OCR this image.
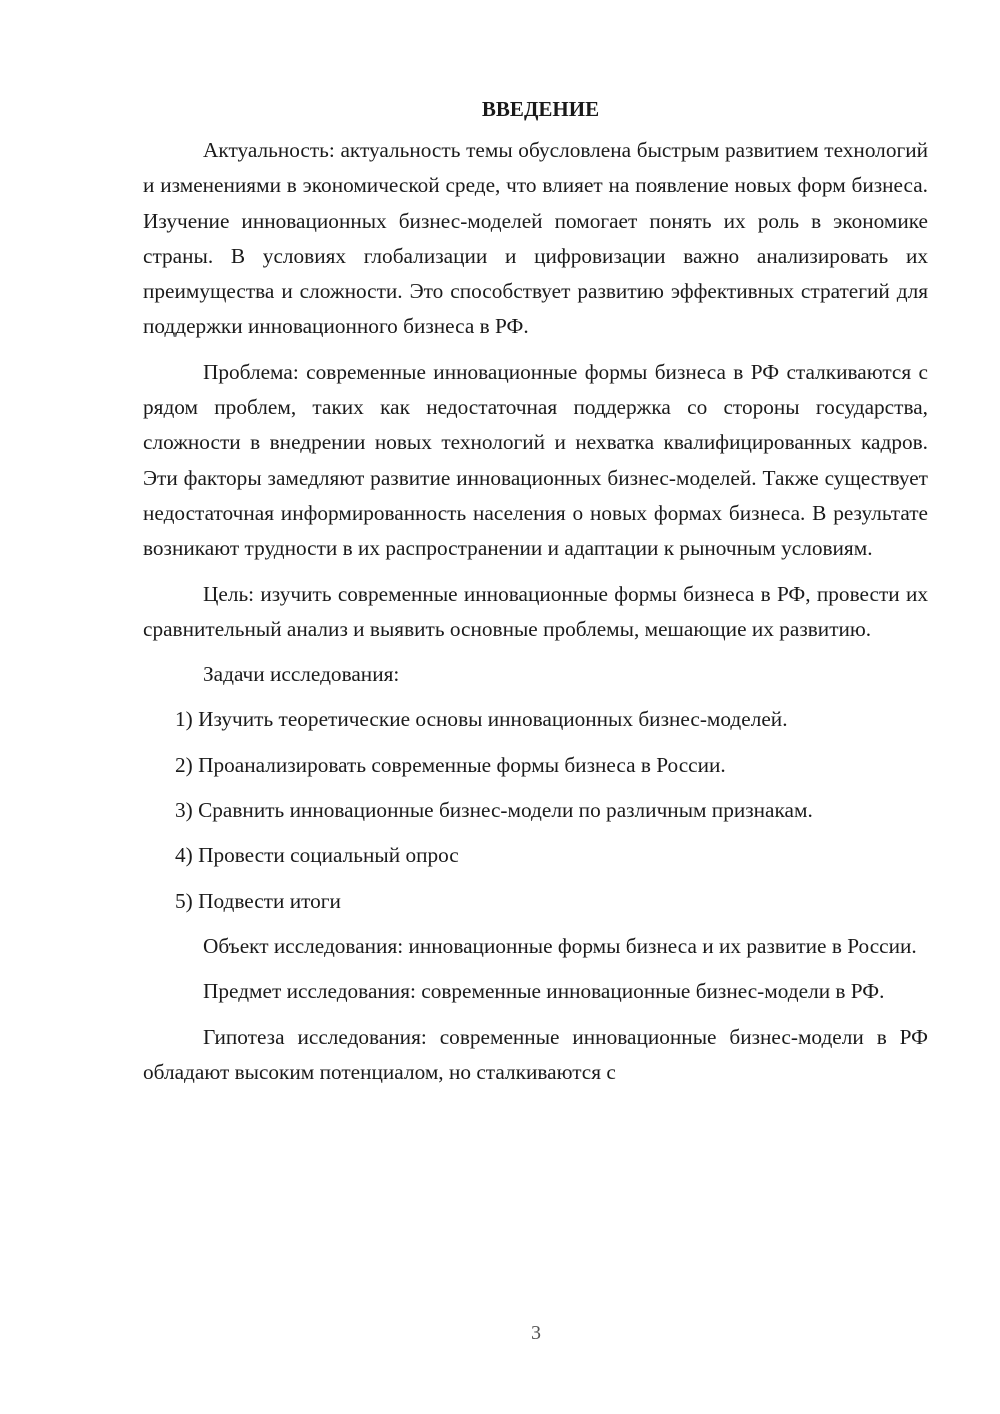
ВВЕДЕНИЕ

Актуальность: актуальность темы обусловлена быстрым развитием технологий и изменениями в экономической среде, что влияет на появление новых форм бизнеса. Изучение инновационных бизнес-моделей помогает понять их роль в экономике страны. В условиях глобализации и цифровизации важно анализировать их преимущества и сложности. Это способствует развитию эффективных стратегий для поддержки инновационного бизнеса в РФ.

Проблема: современные инновационные формы бизнеса в РФ сталкиваются с рядом проблем, таких как недостаточная поддержка со стороны государства, сложности в внедрении новых технологий и нехватка квалифицированных кадров. Эти факторы замедляют развитие инновационных бизнес-моделей. Также существует недостаточная информированность населения о новых формах бизнеса. В результате возникают трудности в их распространении и адаптации к рыночным условиям.

Цель: изучить современные инновационные формы бизнеса в РФ, провести их сравнительный анализ и выявить основные проблемы, мешающие их развитию.

Задачи исследования:

1) Изучить теоретические основы инновационных бизнес-моделей.

2) Проанализировать современные формы бизнеса в России.

3) Сравнить инновационные бизнес-модели по различным признакам.

4) Провести социальный опрос

5) Подвести итоги

Объект исследования: инновационные формы бизнеса и их развитие в России.

Предмет исследования: современные инновационные бизнес-модели в РФ.

Гипотеза исследования: современные инновационные бизнес-модели в РФ обладают высоким потенциалом, но сталкиваются с

3
